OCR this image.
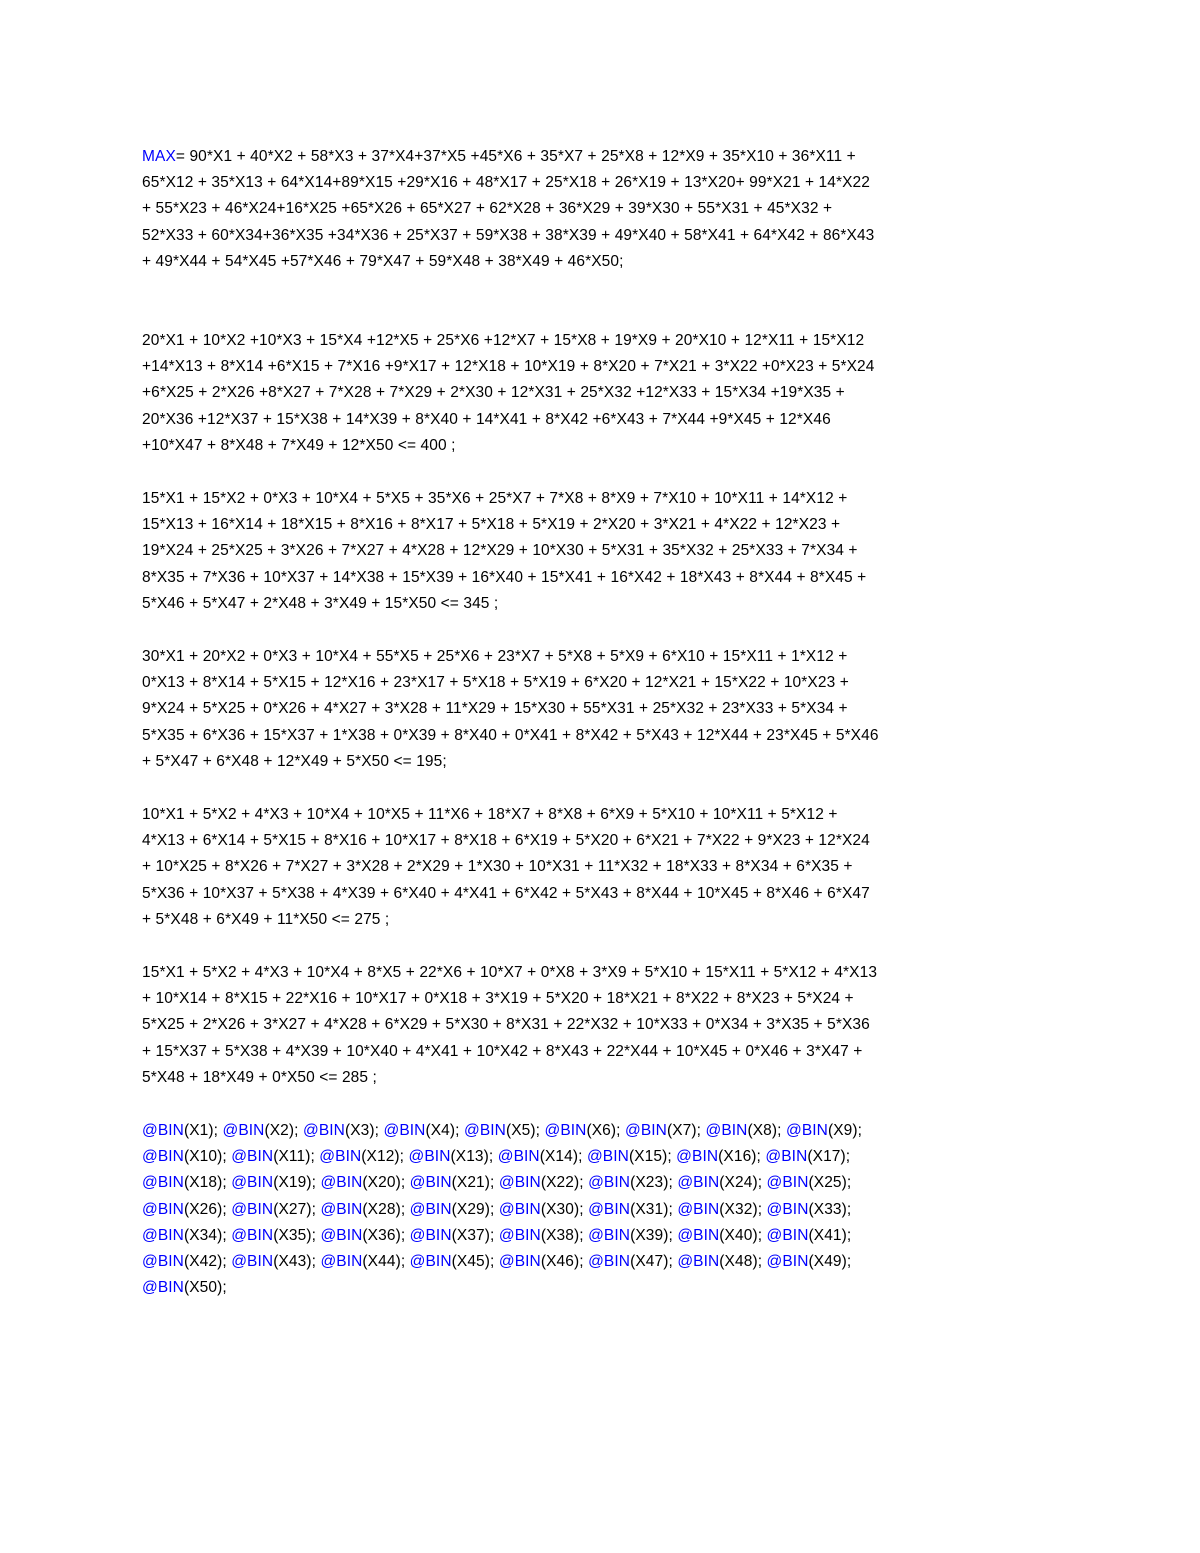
MAX= 90*X1 + 40*X2 + 58*X3 + 37*X4+37*X5 +45*X6 + 35*X7 + 25*X8 + 12*X9 + 35*X10 + 36*X11 +
65*X12 + 35*X13 + 64*X14+89*X15 +29*X16 + 48*X17 + 25*X18 + 26*X19 + 13*X20+ 99*X21 + 14*X22
+ 55*X23 + 46*X24+16*X25 +65*X26 + 65*X27 + 62*X28 + 36*X29 + 39*X30 + 55*X31 + 45*X32 +
52*X33 + 60*X34+36*X35 +34*X36 + 25*X37 + 59*X38 + 38*X39 + 49*X40 + 58*X41 + 64*X42 + 86*X43
+ 49*X44 + 54*X45 +57*X46 + 79*X47 + 59*X48 + 38*X49 + 46*X50;
20*X1 + 10*X2 +10*X3 + 15*X4 +12*X5 + 25*X6 +12*X7 + 15*X8 + 19*X9 + 20*X10 + 12*X11 + 15*X12
+14*X13 + 8*X14 +6*X15 + 7*X16 +9*X17 + 12*X18 + 10*X19 + 8*X20 + 7*X21 + 3*X22 +0*X23 + 5*X24
+6*X25 + 2*X26 +8*X27 + 7*X28 + 7*X29 + 2*X30 + 12*X31 + 25*X32 +12*X33 + 15*X34 +19*X35 +
20*X36 +12*X37 + 15*X38 + 14*X39 + 8*X40 + 14*X41 + 8*X42 +6*X43 + 7*X44 +9*X45 + 12*X46
+10*X47 + 8*X48 + 7*X49 + 12*X50 <= 400 ;
15*X1 + 15*X2 + 0*X3 + 10*X4 + 5*X5 + 35*X6 + 25*X7 + 7*X8 + 8*X9 + 7*X10 + 10*X11 + 14*X12 +
15*X13 + 16*X14 + 18*X15 + 8*X16 + 8*X17 + 5*X18 + 5*X19 + 2*X20 + 3*X21 + 4*X22 + 12*X23 +
19*X24 + 25*X25 + 3*X26 + 7*X27 + 4*X28 + 12*X29 + 10*X30 + 5*X31 + 35*X32 + 25*X33 + 7*X34 +
8*X35 + 7*X36 + 10*X37 + 14*X38 + 15*X39 + 16*X40 + 15*X41 + 16*X42 + 18*X43 + 8*X44 + 8*X45 +
5*X46 + 5*X47 + 2*X48 + 3*X49 + 15*X50 <= 345 ;
30*X1 + 20*X2 + 0*X3 + 10*X4 + 55*X5 + 25*X6 + 23*X7 + 5*X8 + 5*X9 + 6*X10 + 15*X11 + 1*X12 +
0*X13 + 8*X14 + 5*X15 + 12*X16 + 23*X17 + 5*X18 + 5*X19 + 6*X20 + 12*X21 + 15*X22 + 10*X23 +
9*X24 + 5*X25 + 0*X26 + 4*X27 + 3*X28 + 11*X29 + 15*X30 + 55*X31 + 25*X32 + 23*X33 + 5*X34 +
5*X35 + 6*X36 + 15*X37 + 1*X38 + 0*X39 + 8*X40 + 0*X41 + 8*X42 + 5*X43 + 12*X44 + 23*X45 + 5*X46
+ 5*X47 + 6*X48 + 12*X49 + 5*X50 <= 195;
10*X1 + 5*X2 + 4*X3 + 10*X4 + 10*X5 + 11*X6 + 18*X7 + 8*X8 + 6*X9 + 5*X10 + 10*X11 + 5*X12 +
4*X13 + 6*X14 + 5*X15 + 8*X16 + 10*X17 + 8*X18 + 6*X19 + 5*X20 + 6*X21 + 7*X22 + 9*X23 + 12*X24
+ 10*X25 + 8*X26 + 7*X27 + 3*X28 + 2*X29 + 1*X30 + 10*X31 + 11*X32 + 18*X33 + 8*X34 + 6*X35 +
5*X36 + 10*X37 + 5*X38 + 4*X39 + 6*X40 + 4*X41 + 6*X42 + 5*X43 + 8*X44 + 10*X45 + 8*X46 + 6*X47
+ 5*X48 + 6*X49 + 11*X50 <= 275 ;
15*X1 + 5*X2 + 4*X3 + 10*X4 + 8*X5 + 22*X6 + 10*X7 + 0*X8 + 3*X9 + 5*X10 + 15*X11 + 5*X12 + 4*X13
+ 10*X14 + 8*X15 + 22*X16 + 10*X17 + 0*X18 + 3*X19 + 5*X20 + 18*X21 + 8*X22 + 8*X23 + 5*X24 +
5*X25 + 2*X26 + 3*X27 + 4*X28 + 6*X29 + 5*X30 + 8*X31 + 22*X32 + 10*X33 + 0*X34 + 3*X35 + 5*X36
+ 15*X37 + 5*X38 + 4*X39 + 10*X40 + 4*X41 + 10*X42 + 8*X43 + 22*X44 + 10*X45 + 0*X46 + 3*X47 +
5*X48 + 18*X49 + 0*X50 <= 285 ;
@BIN(X1); @BIN(X2); @BIN(X3); @BIN(X4); @BIN(X5); @BIN(X6); @BIN(X7); @BIN(X8); @BIN(X9);
@BIN(X10); @BIN(X11); @BIN(X12); @BIN(X13); @BIN(X14); @BIN(X15); @BIN(X16); @BIN(X17);
@BIN(X18); @BIN(X19); @BIN(X20); @BIN(X21); @BIN(X22); @BIN(X23); @BIN(X24); @BIN(X25);
@BIN(X26); @BIN(X27); @BIN(X28); @BIN(X29); @BIN(X30); @BIN(X31); @BIN(X32); @BIN(X33);
@BIN(X34); @BIN(X35); @BIN(X36); @BIN(X37); @BIN(X38); @BIN(X39); @BIN(X40); @BIN(X41);
@BIN(X42); @BIN(X43); @BIN(X44); @BIN(X45); @BIN(X46); @BIN(X47); @BIN(X48); @BIN(X49);
@BIN(X50);
